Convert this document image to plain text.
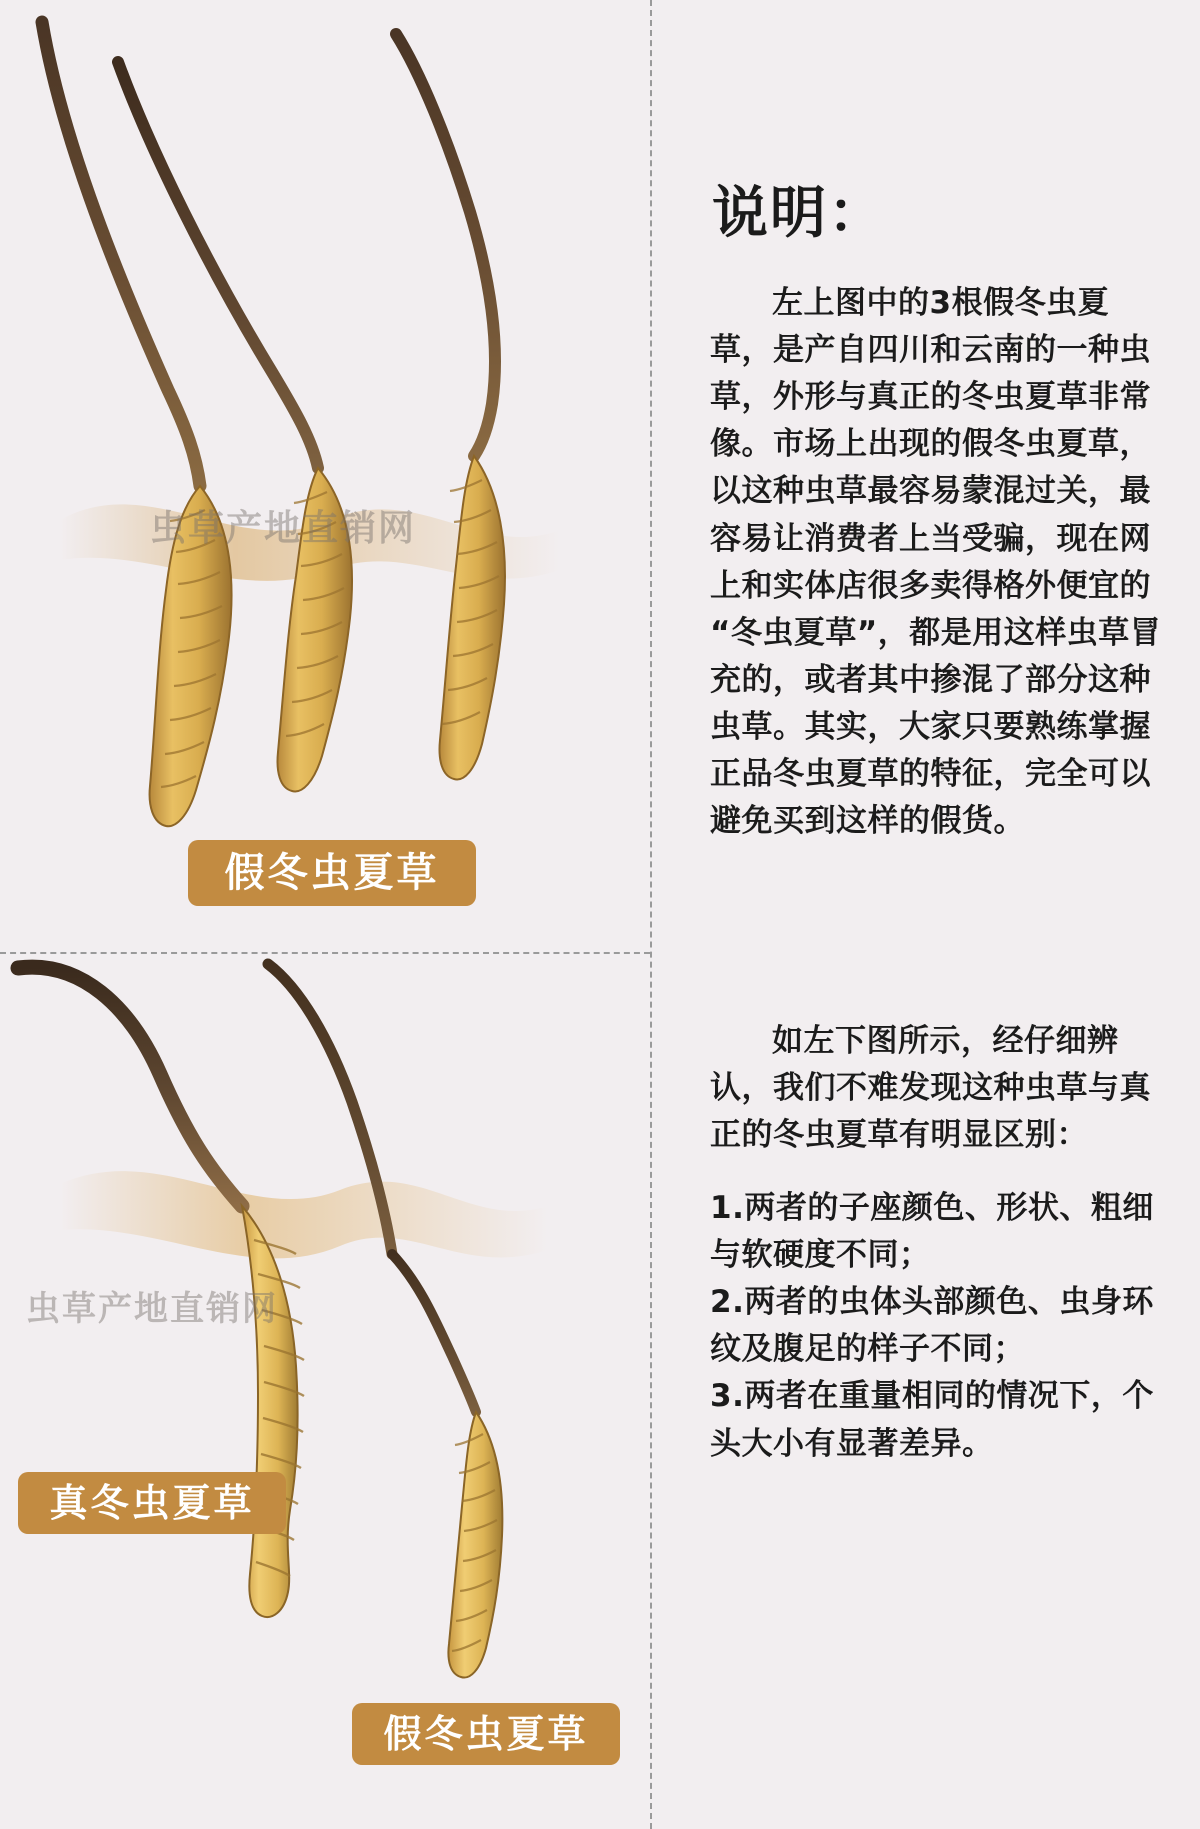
虫草产地直销网
假冬虫夏草
虫草产地直销网
真冬虫夏草
假冬虫夏草
说明：
左上图中的3根假冬虫夏草，是产自四川和云南的一种虫草，外形与真正的冬虫夏草非常像。市场上出现的假冬虫夏草，以这种虫草最容易蒙混过关，最容易让消费者上当受骗，现在网上和实体店很多卖得格外便宜的“冬虫夏草”，都是用这样虫草冒充的，或者其中掺混了部分这种虫草。其实，大家只要熟练掌握正品冬虫夏草的特征，完全可以避免买到这样的假货。
如左下图所示，经仔细辨认，我们不难发现这种虫草与真正的冬虫夏草有明显区别：
1.两者的子座颜色、形状、粗细与软硬度不同；
2.两者的虫体头部颜色、虫身环纹及腹足的样子不同；
3.两者在重量相同的情况下，个头大小有显著差异。
